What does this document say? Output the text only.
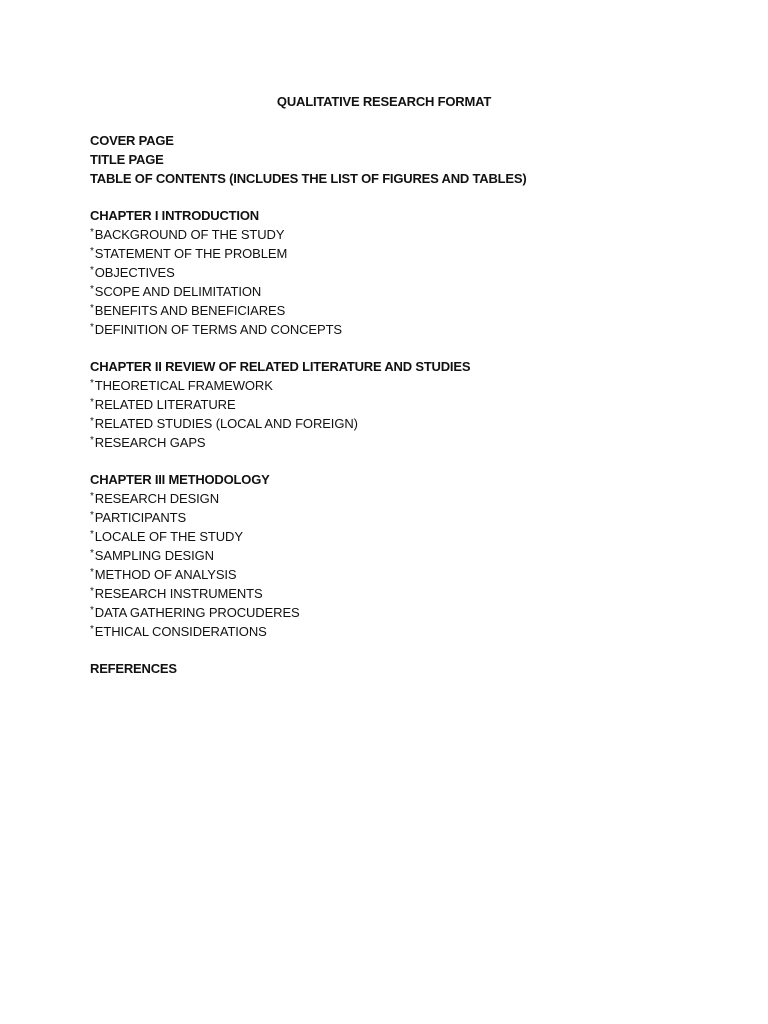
QUALITATIVE RESEARCH FORMAT
COVER PAGE
TITLE PAGE
TABLE OF CONTENTS (INCLUDES THE LIST OF FIGURES AND TABLES)
CHAPTER I INTRODUCTION
*BACKGROUND OF THE STUDY
*STATEMENT OF THE PROBLEM
*OBJECTIVES
*SCOPE AND DELIMITATION
*BENEFITS AND BENEFICIARES
*DEFINITION OF TERMS AND CONCEPTS
CHAPTER II REVIEW OF RELATED LITERATURE AND STUDIES
*THEORETICAL FRAMEWORK
*RELATED LITERATURE
*RELATED STUDIES (LOCAL AND FOREIGN)
*RESEARCH GAPS
CHAPTER III METHODOLOGY
*RESEARCH DESIGN
*PARTICIPANTS
*LOCALE OF THE STUDY
*SAMPLING DESIGN
*METHOD OF ANALYSIS
*RESEARCH INSTRUMENTS
*DATA GATHERING PROCUDERES
*ETHICAL CONSIDERATIONS
REFERENCES
